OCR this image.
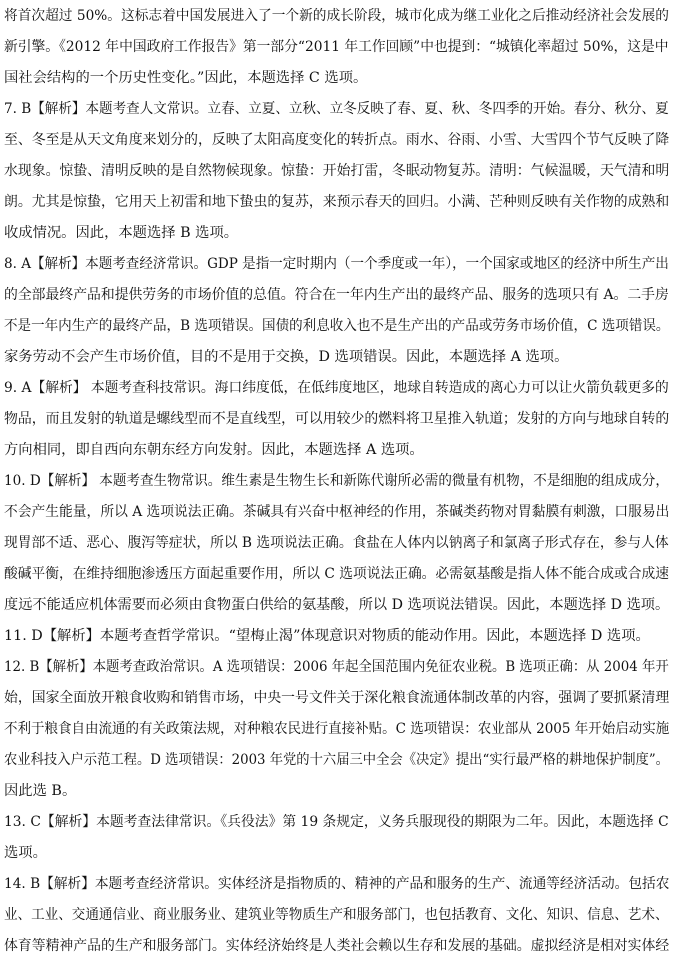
将首次超过 50%。这标志着中国发展进入了一个新的成长阶段，城市化成为继工业化之后推动经济社会发展的
新引擎。《2012 年中国政府工作报告》第一部分“2011 年工作回顾”中也提到：“城镇化率超过 50%，这是中
国社会结构的一个历史性变化。”因此，本题选择 C 选项。
7. B【解析】本题考查人文常识。立春、立夏、立秋、立冬反映了春、夏、秋、冬四季的开始。春分、秋分、夏
至、冬至是从天文角度来划分的，反映了太阳高度变化的转折点。雨水、谷雨、小雪、大雪四个节气反映了降
水现象。惊蛰、清明反映的是自然物候现象。惊蛰：开始打雷，冬眠动物复苏。清明：气候温暖，天气清和明
朗。尤其是惊蛰，它用天上初雷和地下蛰虫的复苏，来预示春天的回归。小满、芒种则反映有关作物的成熟和
收成情况。因此，本题选择 B 选项。
8. A【解析】本题考查经济常识。GDP 是指一定时期内（一个季度或一年），一个国家或地区的经济中所生产出
的全部最终产品和提供劳务的市场价值的总值。符合在一年内生产出的最终产品、服务的选项只有 A。二手房
不是一年内生产的最终产品，B 选项错误。国债的利息收入也不是生产出的产品或劳务市场价值，C 选项错误。
家务劳动不会产生市场价值，目的不是用于交换，D 选项错误。因此，本题选择 A 选项。
9. A【解析】 本题考查科技常识。海口纬度低，在低纬度地区，地球自转造成的离心力可以让火箭负载更多的
物品，而且发射的轨道是螺线型而不是直线型，可以用较少的燃料将卫星推入轨道；发射的方向与地球自转的
方向相同，即自西向东朝东经方向发射。因此，本题选择 A 选项。
10. D【解析】 本题考查生物常识。维生素是生物生长和新陈代谢所必需的微量有机物，不是细胞的组成成分，
不会产生能量，所以 A 选项说法正确。茶碱具有兴奋中枢神经的作用，茶碱类药物对胃黏膜有刺激，口服易出
现胃部不适、恶心、腹泻等症状，所以 B 选项说法正确。食盐在人体内以钠离子和氯离子形式存在，参与人体
酸碱平衡，在维持细胞渗透压方面起重要作用，所以 C 选项说法正确。必需氨基酸是指人体不能合成或合成速
度远不能适应机体需要而必须由食物蛋白供给的氨基酸，所以 D 选项说法错误。因此，本题选择 D 选项。
11. D【解析】本题考查哲学常识。“望梅止渴”体现意识对物质的能动作用。因此，本题选择 D 选项。
12. B【解析】本题考查政治常识。A 选项错误：2006 年起全国范围内免征农业税。B 选项正确：从 2004 年开
始，国家全面放开粮食收购和销售市场，中央一号文件关于深化粮食流通体制改革的内容，强调了要抓紧清理
不利于粮食自由流通的有关政策法规，对种粮农民进行直接补贴。C 选项错误：农业部从 2005 年开始启动实施
农业科技入户示范工程。D 选项错误：2003 年党的十六届三中全会《决定》提出“实行最严格的耕地保护制度”。
因此选 B。
13. C【解析】本题考查法律常识。《兵役法》第 19 条规定，义务兵服现役的期限为二年。因此，本题选择 C
选项。
14. B【解析】本题考查经济常识。实体经济是指物质的、精神的产品和服务的生产、流通等经济活动。包括农
业、工业、交通通信业、商业服务业、建筑业等物质生产和服务部门，也包括教育、文化、知识、信息、艺术、
体育等精神产品的生产和服务部门。实体经济始终是人类社会赖以生存和发展的基础。虚拟经济是相对实体经
